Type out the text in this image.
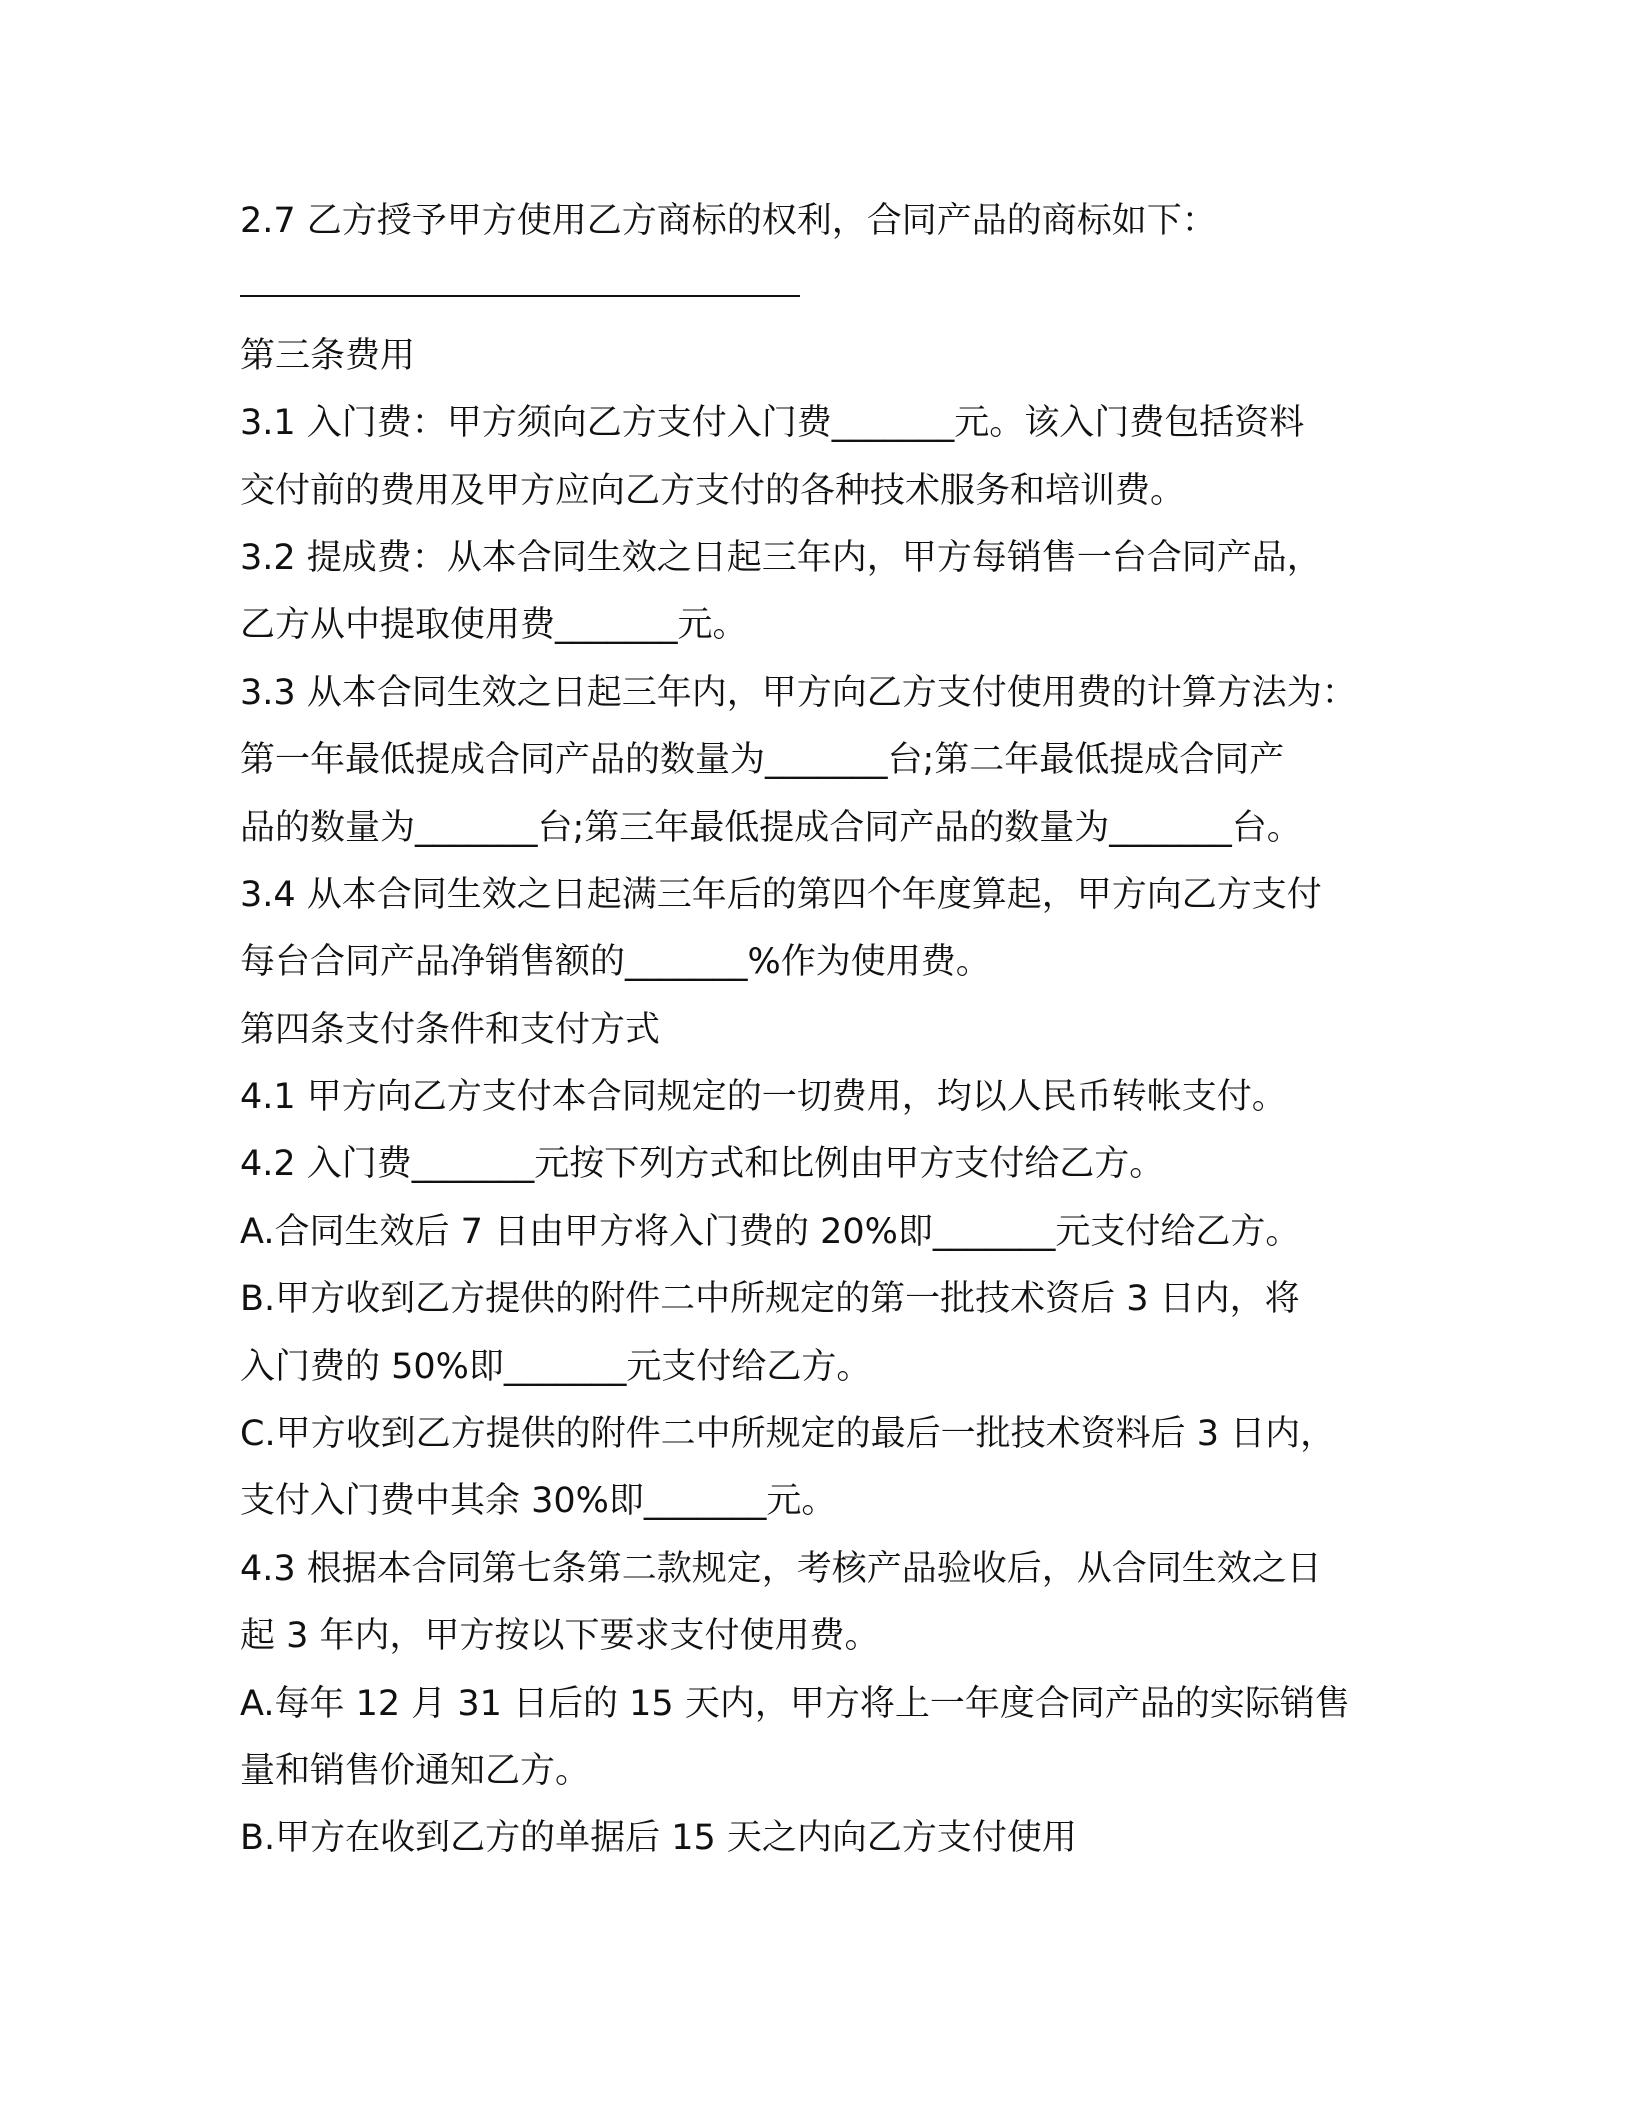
2.7 乙方授予甲方使用乙方商标的权利，合同产品的商标如下：
第三条费用
3.1 入门费：甲方须向乙方支付入门费_______元。该入门费包括资料
交付前的费用及甲方应向乙方支付的各种技术服务和培训费。
3.2 提成费：从本合同生效之日起三年内，甲方每销售一台合同产品，
乙方从中提取使用费_______元。
3.3 从本合同生效之日起三年内，甲方向乙方支付使用费的计算方法为：
第一年最低提成合同产品的数量为_______台;第二年最低提成合同产
品的数量为_______台;第三年最低提成合同产品的数量为_______台。
3.4 从本合同生效之日起满三年后的第四个年度算起，甲方向乙方支付
每台合同产品净销售额的_______%作为使用费。
第四条支付条件和支付方式
4.1 甲方向乙方支付本合同规定的一切费用，均以人民币转帐支付。
4.2 入门费_______元按下列方式和比例由甲方支付给乙方。
A.合同生效后 7 日由甲方将入门费的 20%即_______元支付给乙方。
B.甲方收到乙方提供的附件二中所规定的第一批技术资后 3 日内，将
入门费的 50%即_______元支付给乙方。
C.甲方收到乙方提供的附件二中所规定的最后一批技术资料后 3 日内，
支付入门费中其余 30%即_______元。
4.3 根据本合同第七条第二款规定，考核产品验收后，从合同生效之日
起 3 年内，甲方按以下要求支付使用费。
A.每年 12 月 31 日后的 15 天内，甲方将上一年度合同产品的实际销售
量和销售价通知乙方。
B.甲方在收到乙方的单据后 15 天之内向乙方支付使用
